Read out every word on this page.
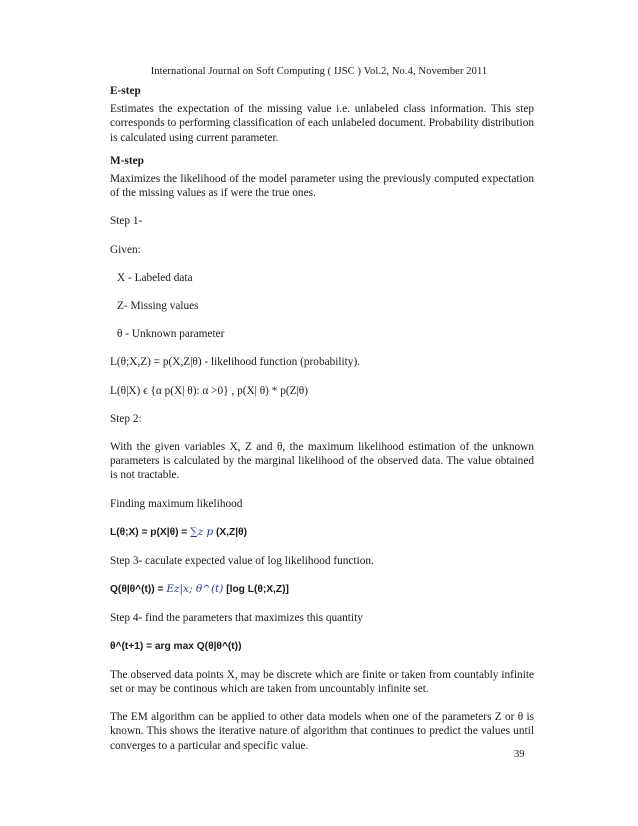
International Journal on Soft Computing ( IJSC ) Vol.2, No.4, November 2011

E-step

Estimates the expectation of the missing value i.e. unlabeled class information. This step corresponds to performing classification of each unlabeled document. Probability distribution is calculated using current parameter.

M-step

Maximizes the likelihood of the model parameter using the previously computed expectation of the missing values as if were the true ones.

Step 1-

Given:

X - Labeled data

Z- Missing values

θ - Unknown parameter

L(θ;X,Z) = p(X,Z|θ) - likelihood function (probability).

L(θ|X) ϵ {α p(X| θ): α >0} , p(X| θ) * p(Z|θ)

Step 2:

With the given variables X, Z and θ, the maximum likelihood estimation of the unknown parameters is calculated by the marginal likelihood of the observed data. The value obtained is not tractable.

Finding maximum likelihood

L(θ;X) = p(X|θ) = ∑z p (X,Z|θ)

Step 3- caculate expected value of log likelihood function.

Q(θ|θ^(t)) = Ez|x; θ^(t) [log L(θ;X,Z)]

Step 4- find the parameters that maximizes this quantity

θ^(t+1) = arg max Q(θ|θ^(t))

The observed data points X, may be discrete which are finite or taken from countably infinite set or may be continous which are taken from uncountably infinite set.

The EM algorithm can be applied to other data models when one of the parameters Z or θ is known. This shows the iterative nature of algorithm that continues to predict the values until converges to a particular and specific value.

39
